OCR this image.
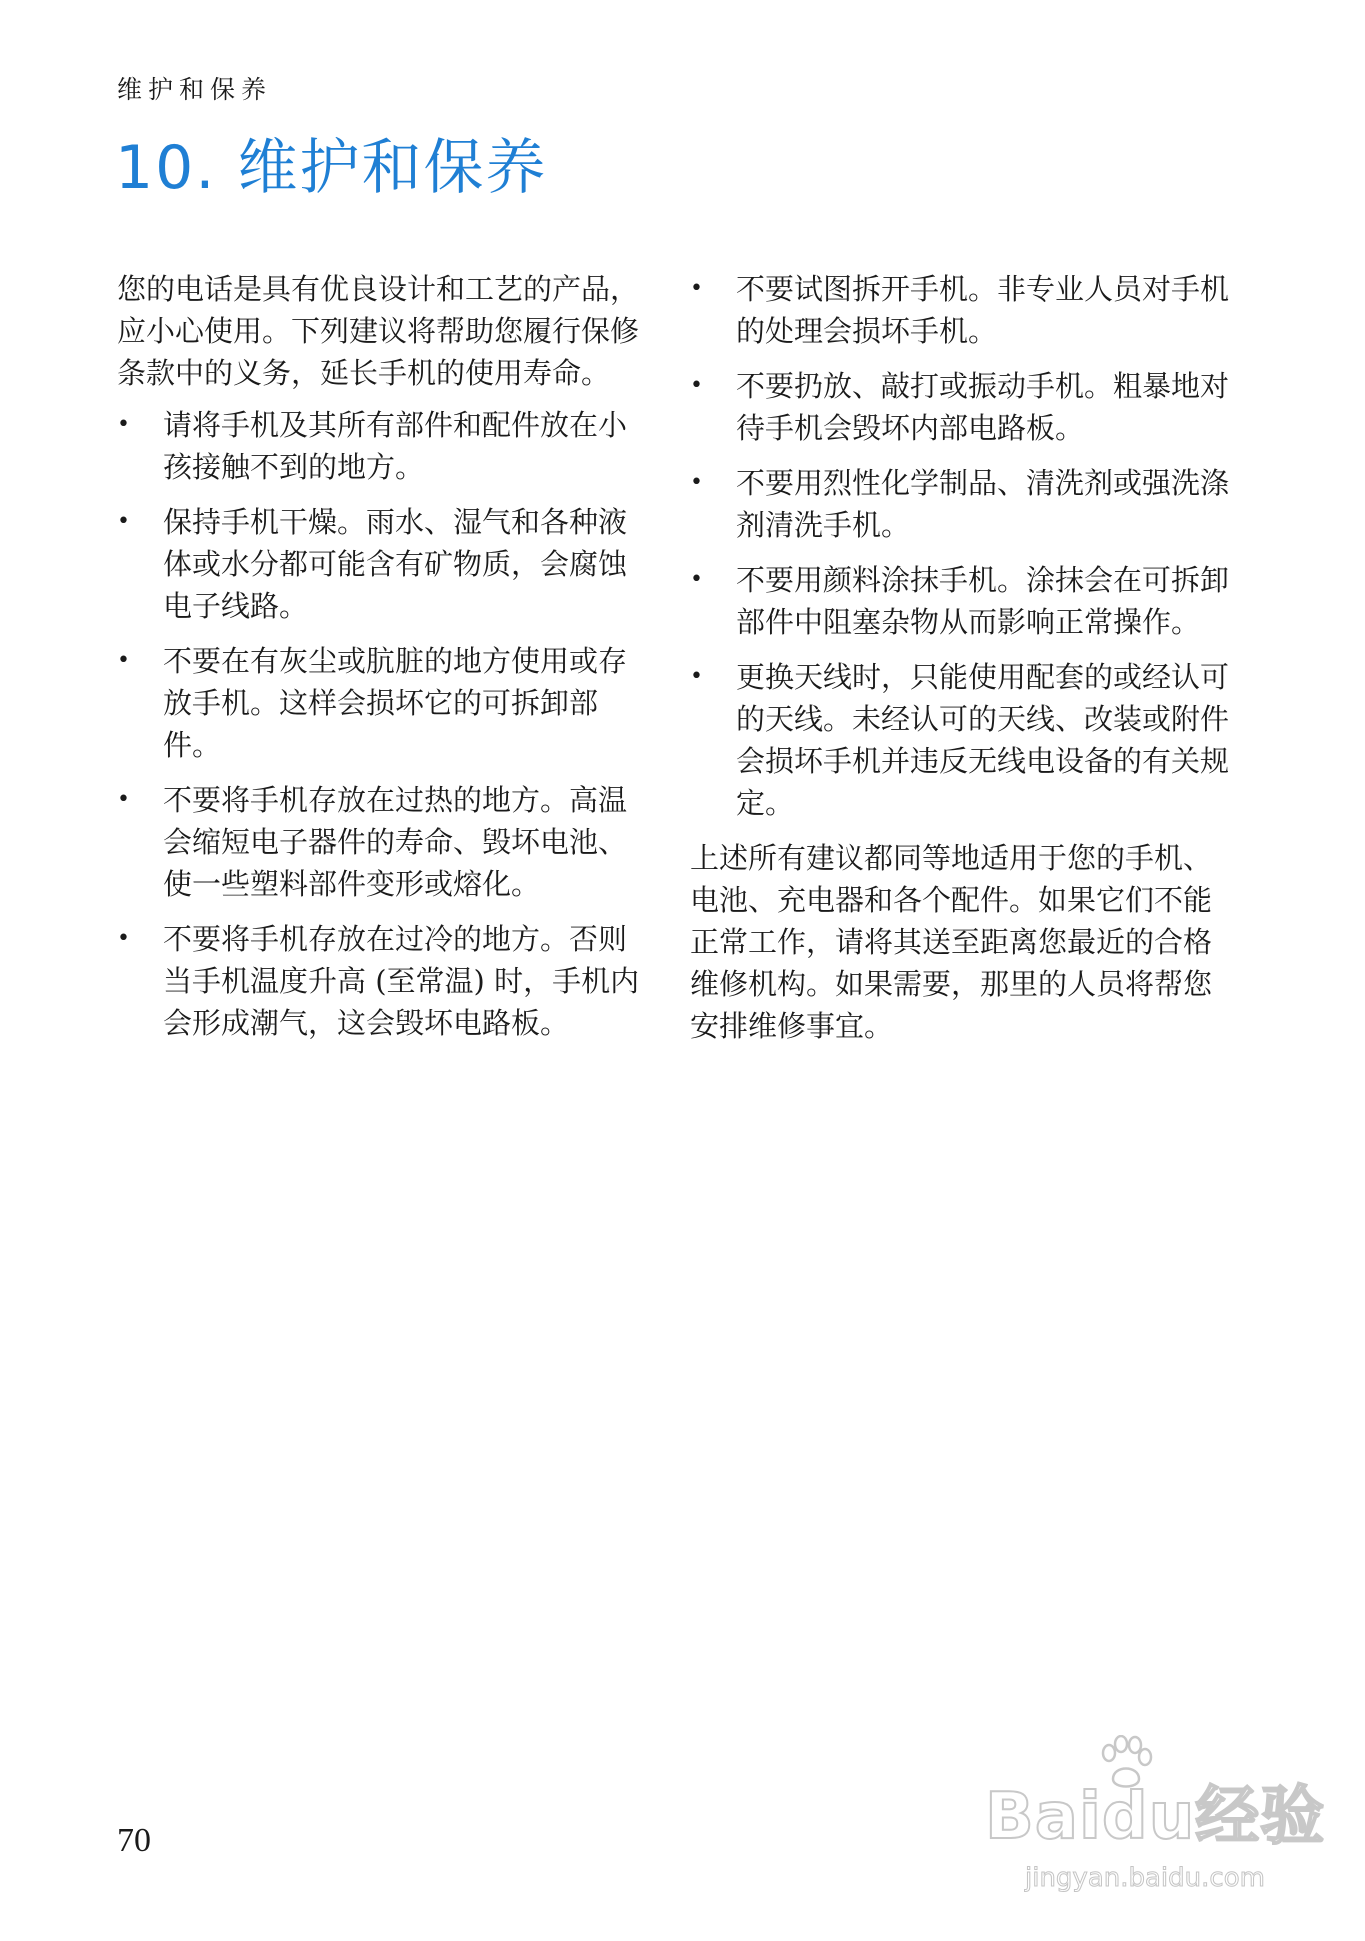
维护和保养
10. 维护和保养

您的电话是具有优良设计和工艺的产品，应小心使用。下列建议将帮助您履行保修条款中的义务，延长手机的使用寿命。

• 请将手机及其所有部件和配件放在小孩接触不到的地方。
• 保持手机干燥。雨水、湿气和各种液体或水分都可能含有矿物质，会腐蚀电子线路。
• 不要在有灰尘或肮脏的地方使用或存放手机。这样会损坏它的可拆卸部件。
• 不要将手机存放在过热的地方。高温会缩短电子器件的寿命、毁坏电池、使一些塑料部件变形或熔化。
• 不要将手机存放在过冷的地方。否则当手机温度升高 (至常温) 时，手机内会形成潮气，这会毁坏电路板。
• 不要试图拆开手机。非专业人员对手机的处理会损坏手机。
• 不要扔放、敲打或振动手机。粗暴地对待手机会毁坏内部电路板。
• 不要用烈性化学制品、清洗剂或强洗涤剂清洗手机。
• 不要用颜料涂抹手机。涂抹会在可拆卸部件中阻塞杂物从而影响正常操作。
• 更换天线时，只能使用配套的或经认可的天线。未经认可的天线、改装或附件会损坏手机并违反无线电设备的有关规定。

上述所有建议都同等地适用于您的手机、电池、充电器和各个配件。如果它们不能正常工作，请将其送至距离您最近的合格维修机构。如果需要，那里的人员将帮您安排维修事宜。

70	Baidu经验
jingyan.baidu.com
